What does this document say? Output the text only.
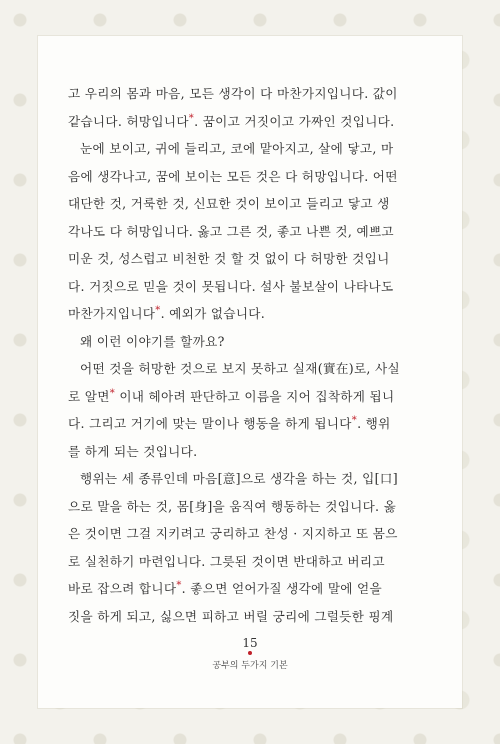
고 우리의 몸과 마음, 모든 생각이 다 마찬가지입니다. 값이
같습니다. 허망입니다*. 꿈이고 거짓이고 가짜인 것입니다.
눈에 보이고, 귀에 들리고, 코에 맡아지고, 살에 닿고, 마
음에 생각나고, 꿈에 보이는 모든 것은 다 허망입니다. 어떤
대단한 것, 거룩한 것, 신묘한 것이 보이고 들리고 닿고 생
각나도 다 허망입니다. 옳고 그른 것, 좋고 나쁜 것, 예쁘고
미운 것, 성스럽고 비천한 것 할 것 없이 다 허망한 것입니
다. 거짓으로 믿을 것이 못됩니다. 설사 불보살이 나타나도
마찬가지입니다*. 예외가 없습니다.
왜 이런 이야기를 할까요?
어떤 것을 허망한 것으로 보지 못하고 실재(實在)로, 사실
로 알면* 이내 헤아려 판단하고 이름을 지어 집착하게 됩니
다. 그리고 거기에 맞는 말이나 행동을 하게 됩니다*. 행위
를 하게 되는 것입니다.
행위는 세 종류인데 마음[意]으로 생각을 하는 것, 입[口]
으로 말을 하는 것, 몸[身]을 움직여 행동하는 것입니다. 옳
은 것이면 그걸 지키려고 궁리하고 찬성 · 지지하고 또 몸으
로 실천하기 마련입니다. 그릇된 것이면 반대하고 버리고
바로 잡으려 합니다*. 좋으면 얻어가질 생각에 말에 얻을
짓을 하게 되고, 싫으면 피하고 버릴 궁리에 그럴듯한 핑계
15
공부의 두가지 기본
